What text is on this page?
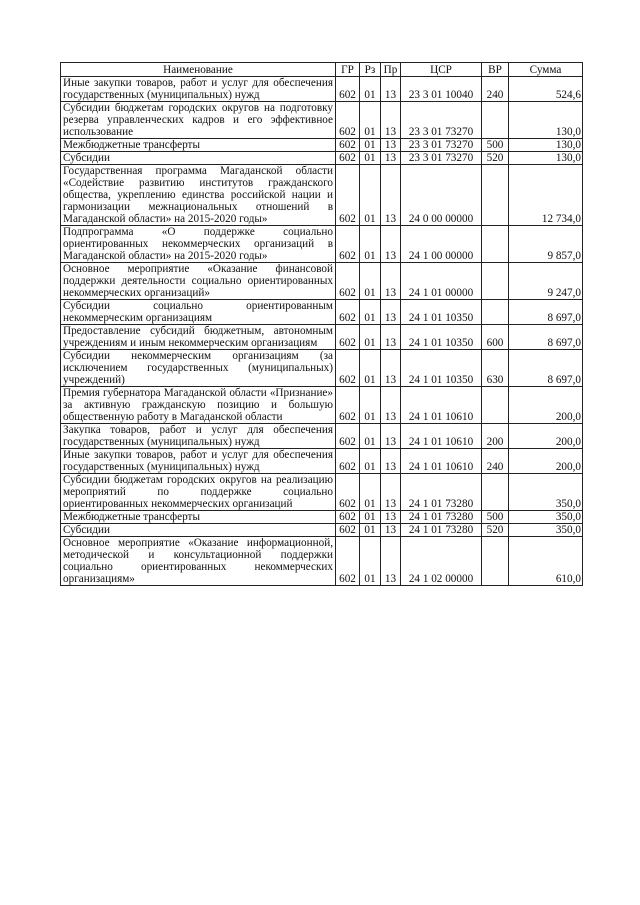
Наименование	ГР	Рз	Пр	ЦСР	ВР	Сумма
Иные закупки товаров, работ и услуг для обеспечения государственных (муниципальных) нужд	602	01	13	23 3 01 10040	240	524,6
Субсидии бюджетам городских округов на подготовку резерва управленческих кадров и его эффективное использование	602	01	13	23 3 01 73270		130,0
Межбюджетные трансферты	602	01	13	23 3 01 73270	500	130,0
Субсидии	602	01	13	23 3 01 73270	520	130,0
Государственная программа Магаданской области «Содействие развитию институтов гражданского общества, укреплению единства российской нации и гармонизации межнациональных отношений в Магаданской области» на 2015-2020 годы»	602	01	13	24 0 00 00000		12 734,0
Подпрограмма «О поддержке социально ориентированных некоммерческих организаций в Магаданской области» на 2015-2020 годы»	602	01	13	24 1 00 00000		9 857,0
Основное мероприятие «Оказание финансовой поддержки деятельности социально ориентированных некоммерческих организаций»	602	01	13	24 1 01 00000		9 247,0
Субсидии социально ориентированным некоммерческим организациям	602	01	13	24 1 01 10350		8 697,0
Предоставление субсидий бюджетным, автономным учреждениям и иным некоммерческим организациям	602	01	13	24 1 01 10350	600	8 697,0
Субсидии некоммерческим организациям (за исключением государственных (муниципальных) учреждений)	602	01	13	24 1 01 10350	630	8 697,0
Премия губернатора Магаданской области «Признание» за активную гражданскую позицию и большую общественную работу в Магаданской области	602	01	13	24 1 01 10610		200,0
Закупка товаров, работ и услуг для обеспечения государственных (муниципальных) нужд	602	01	13	24 1 01 10610	200	200,0
Иные закупки товаров, работ и услуг для обеспечения государственных (муниципальных) нужд	602	01	13	24 1 01 10610	240	200,0
Субсидии бюджетам городских округов на реализацию мероприятий по поддержке социально ориентированных некоммерческих организаций	602	01	13	24 1 01 73280		350,0
Межбюджетные трансферты	602	01	13	24 1 01 73280	500	350,0
Субсидии	602	01	13	24 1 01 73280	520	350,0
Основное мероприятие «Оказание информационной, методической и консультационной поддержки социально ориентированных некоммерческих организациям»	602	01	13	24 1 02 00000		610,0
